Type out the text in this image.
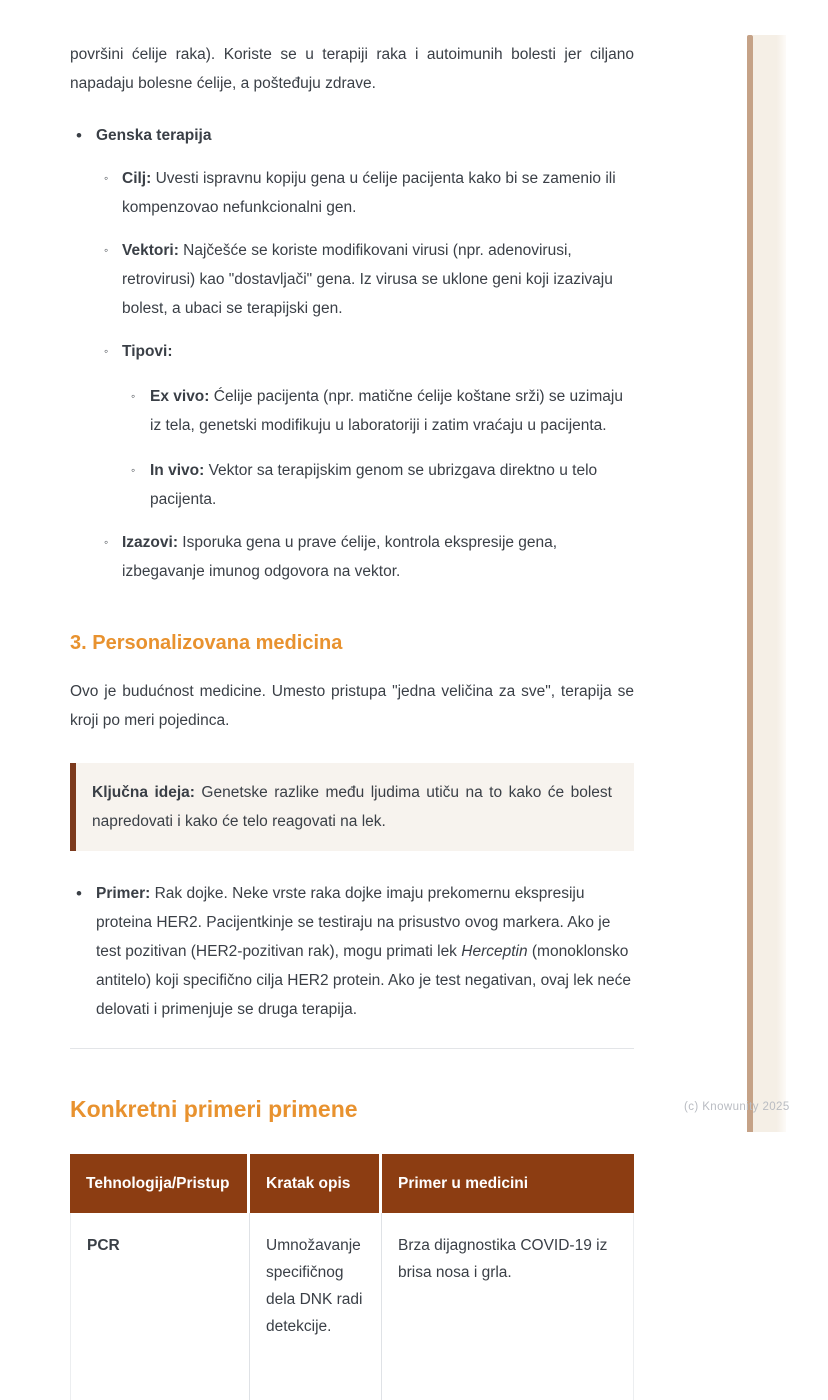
površini ćelije raka). Koriste se u terapiji raka i autoimunih bolesti jer ciljano napadaju bolesne ćelije, a pošteđuju zdrave.

• Genska terapija
◦ Cilj: Uvesti ispravnu kopiju gena u ćelije pacijenta kako bi se zamenio ili kompenzovao nefunkcionalni gen.
◦ Vektori: Najčešće se koriste modifikovani virusi (npr. adenovirusi, retrovirusi) kao "dostavljači" gena. Iz virusa se uklone geni koji izazivaju bolest, a ubaci se terapijski gen.
◦ Tipovi:
◦ Ex vivo: Ćelije pacijenta (npr. matične ćelije koštane srži) se uzimaju iz tela, genetski modifikuju u laboratoriji i zatim vraćaju u pacijenta.
◦ In vivo: Vektor sa terapijskim genom se ubrizgava direktno u telo pacijenta.
◦ Izazovi: Isporuka gena u prave ćelije, kontrola ekspresije gena, izbegavanje imunog odgovora na vektor.
3. Personalizovana medicina

Ovo je budućnost medicine. Umesto pristupa "jedna veličina za sve", terapija se kroji po meri pojedinca.

Ključna ideja: Genetske razlike među ljudima utiču na to kako će bolest napredovati i kako će telo reagovati na lek.
• Primer: Rak dojke. Neke vrste raka dojke imaju prekomernu ekspresiju proteina HER2. Pacijentkinje se testiraju na prisustvo ovog markera. Ako je test pozitivan (HER2-pozitivan rak), mogu primati lek Herceptin (monoklonsko antitelo) koji specifično cilja HER2 protein. Ako je test negativan, ovaj lek neće delovati i primenjuje se druga terapija.
Konkretni primeri primene
Tehnologija/Pristup	Kratak opis	Primer u medicini
PCR	Umnožavanje specifičnog dela DNK radi detekcije.	Brza dijagnostika COVID-19 iz brisa nosa i grla.
(c) Knowunity 2025
